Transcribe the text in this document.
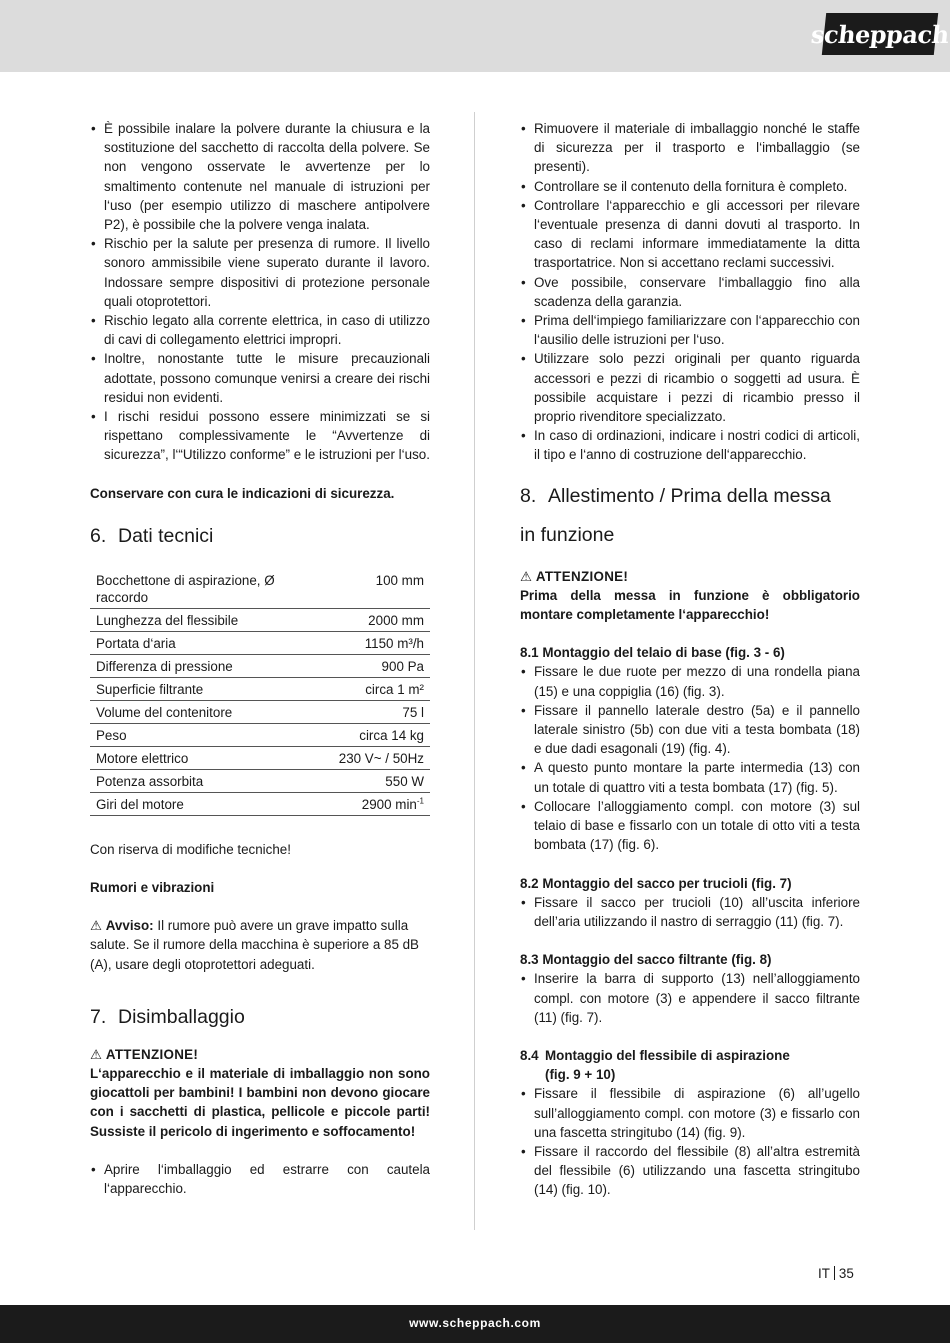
scheppach
• È possibile inalare la polvere durante la chiusura e la sostituzione del sacchetto di raccolta della polvere. Se non vengono osservate le avvertenze per lo smaltimento contenute nel manuale di istruzioni per l‘uso (per esempio utilizzo di maschere antipolvere P2), è possibile che la polvere venga inalata.
• Rischio per la salute per presenza di rumore. Il livello sonoro ammissibile viene superato durante il lavoro. Indossare sempre dispositivi di protezione personale quali otoprotettori.
• Rischio legato alla corrente elettrica, in caso di utilizzo di cavi di collegamento elettrici impropri.
• Inoltre, nonostante tutte le misure precauzionali adottate, possono comunque venirsi a creare dei rischi residui non evidenti.
• I rischi residui possono essere minimizzati se si rispettano complessivamente le “Avvertenze di sicurezza”, l‘“Utilizzo conforme” e le istruzioni per l‘uso.

Conservare con cura le indicazioni di sicurezza.

6. Dati tecnici
Bocchettone di aspirazione, Ø raccordo	100 mm
Lunghezza del flessibile	2000 mm
Portata d‘aria	1150 m³/h
Differenza di pressione	900 Pa
Superficie filtrante	circa 1 m²
Volume del contenitore	75 l
Peso	circa 14 kg
Motore elettrico	230 V~ / 50Hz
Potenza assorbita	550 W
Giri del motore	2900 $\min^{-1}$

Con riserva di modifiche tecniche!

Rumori e vibrazioni

⚠ Avviso: Il rumore può avere un grave impatto sulla salute. Se il rumore della macchina è superiore a 85 dB (A), usare degli otoprotettori adeguati.

7. Disimballaggio

⚠ ATTENZIONE!

L‘apparecchio e il materiale di imballaggio non sono giocattoli per bambini! I bambini non devono giocare con i sacchetti di plastica, pellicole e piccole parti! Sussiste il pericolo di ingerimento e soffocamento!

• Aprire l‘imballaggio ed estrarre con cautela l‘apparecchio.
• Rimuovere il materiale di imballaggio nonché le staffe di sicurezza per il trasporto e l‘imballaggio (se presenti).
• Controllare se il contenuto della fornitura è completo.
• Controllare l‘apparecchio e gli accessori per rilevare l‘eventuale presenza di danni dovuti al trasporto. In caso di reclami informare immediatamente la ditta trasportatrice. Non si accettano reclami successivi.
• Ove possibile, conservare l‘imballaggio fino alla scadenza della garanzia.
• Prima dell‘impiego familiarizzare con l‘apparecchio con l‘ausilio delle istruzioni per l‘uso.
• Utilizzare solo pezzi originali per quanto riguarda accessori e pezzi di ricambio o soggetti ad usura. È possibile acquistare i pezzi di ricambio presso il proprio rivenditore specializzato.
• In caso di ordinazioni, indicare i nostri codici di articoli, il tipo e l‘anno di costruzione dell‘apparecchio.
8. Allestimento / Prima della messa
in funzione

⚠ ATTENZIONE!

Prima della messa in funzione è obbligatorio montare completamente l‘apparecchio!

8.1 Montaggio del telaio di base (fig. 3 - 6)
• Fissare le due ruote per mezzo di una rondella piana (15) e una coppiglia (16) (fig. 3).
• Fissare il pannello laterale destro (5a) e il pannello laterale sinistro (5b) con due viti a testa bombata (18) e due dadi esagonali (19) (fig. 4).
• A questo punto montare la parte intermedia (13) con un totale di quattro viti a testa bombata (17) (fig. 5).
• Collocare l’alloggiamento compl. con motore (3) sul telaio di base e fissarlo con un totale di otto viti a testa bombata (17) (fig. 6).
8.2 Montaggio del sacco per trucioli (fig. 7)
• Fissare il sacco per trucioli (10) all’uscita inferiore dell’aria utilizzando il nastro di serraggio (11) (fig. 7).
8.3 Montaggio del sacco filtrante (fig. 8)
• Inserire la barra di supporto (13) nell’alloggiamento compl. con motore (3) e appendere il sacco filtrante (11) (fig. 7).
8.4 Montaggio del flessibile di aspirazione
(fig. 9 + 10)
• Fissare il flessibile di aspirazione (6) all’ugello sull’alloggiamento compl. con motore (3) e fissarlo con una fascetta stringitubo (14) (fig. 9).
• Fissare il raccordo del flessibile (8) all’altra estremità del flessibile (6) utilizzando una fascetta stringitubo (14) (fig. 10).
IT 35
www.scheppach.com
